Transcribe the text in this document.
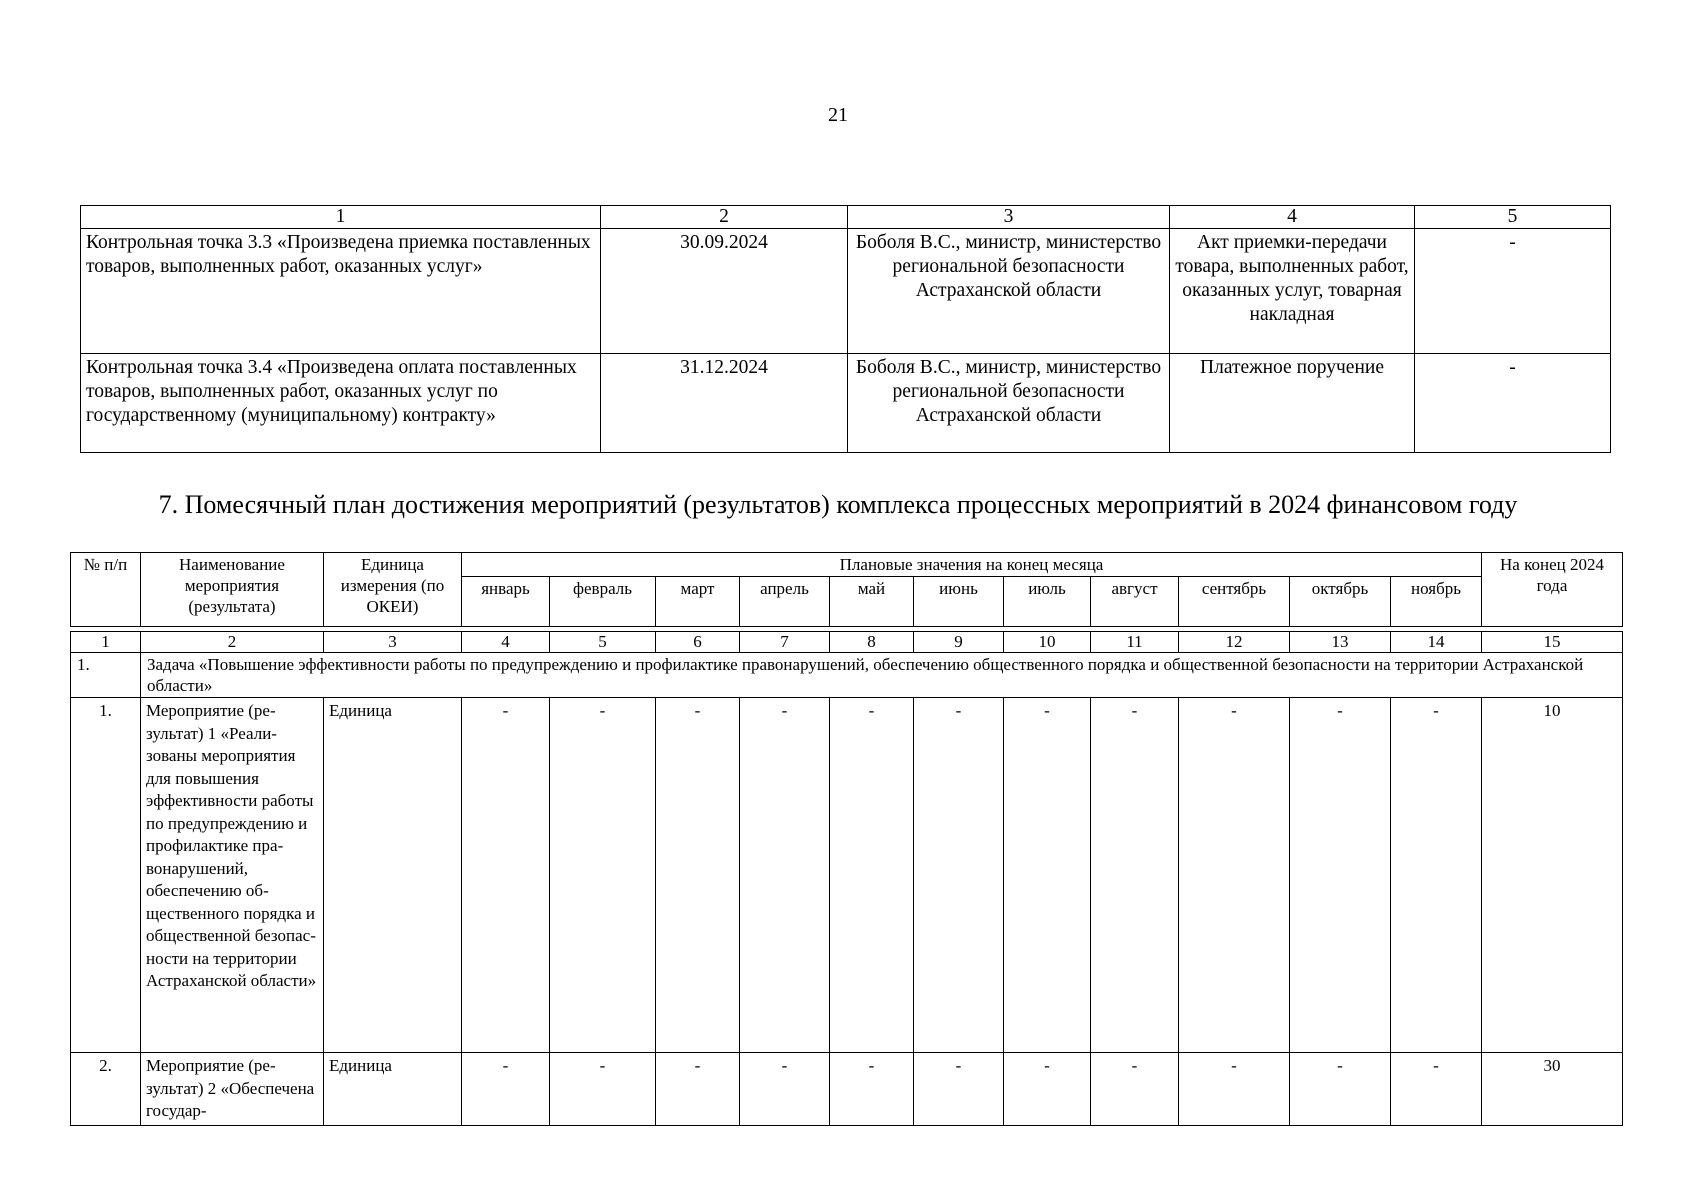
21
1	2	3	4	5
Контрольная точка 3.3 «Произведена приемка поставленных товаров, выполненных работ, оказанных услуг»	30.09.2024	Боболя В.С., министр, министерство региональной безопасности Астраханской области	Акт приемки-передачи товара, выполненных работ, оказанных услуг, товарная накладная	-
Контрольная точка 3.4 «Произведена оплата поставленных товаров, выполненных работ, оказанных услуг по государственному (муниципальному) контракту»	31.12.2024	Боболя В.С., министр, министерство региональной безопасности Астраханской области	Платежное поручение	-
7. Помесячный план достижения мероприятий (результатов) комплекса процессных мероприятий в 2024 финансовом году
№ п/п	Наименование мероприятия (результата)	Единица измерения (по ОКЕИ)	Плановые значения на конец месяца											На конец 2024 года
			январь	февраль	март	апрель	май	июнь	июль	август	сентябрь	октябрь	ноябрь	

1	2	3	4	5	6	7	8	9	10	11	12	13	14	15
1.	Задача «Повышение эффективности работы по предупреждению и профилактике правонарушений, обеспечению общественного порядка и общественной безопасности на территории Астраханской области»													
1.	Мероприятие (результат) 1 «Реализованы мероприятия для повышения эффективности работы по предупреждению и профилактике правонарушений, обеспечению общественного порядка и общественной безопасности на территории Астраханской области»	Единица	-	-	-	-	-	-	-	-	-	-	-	10
2.	Мероприятие (результат) 2 «Обеспечена государ-	Единица	-	-	-	-	-	-	-	-	-	-	-	30
